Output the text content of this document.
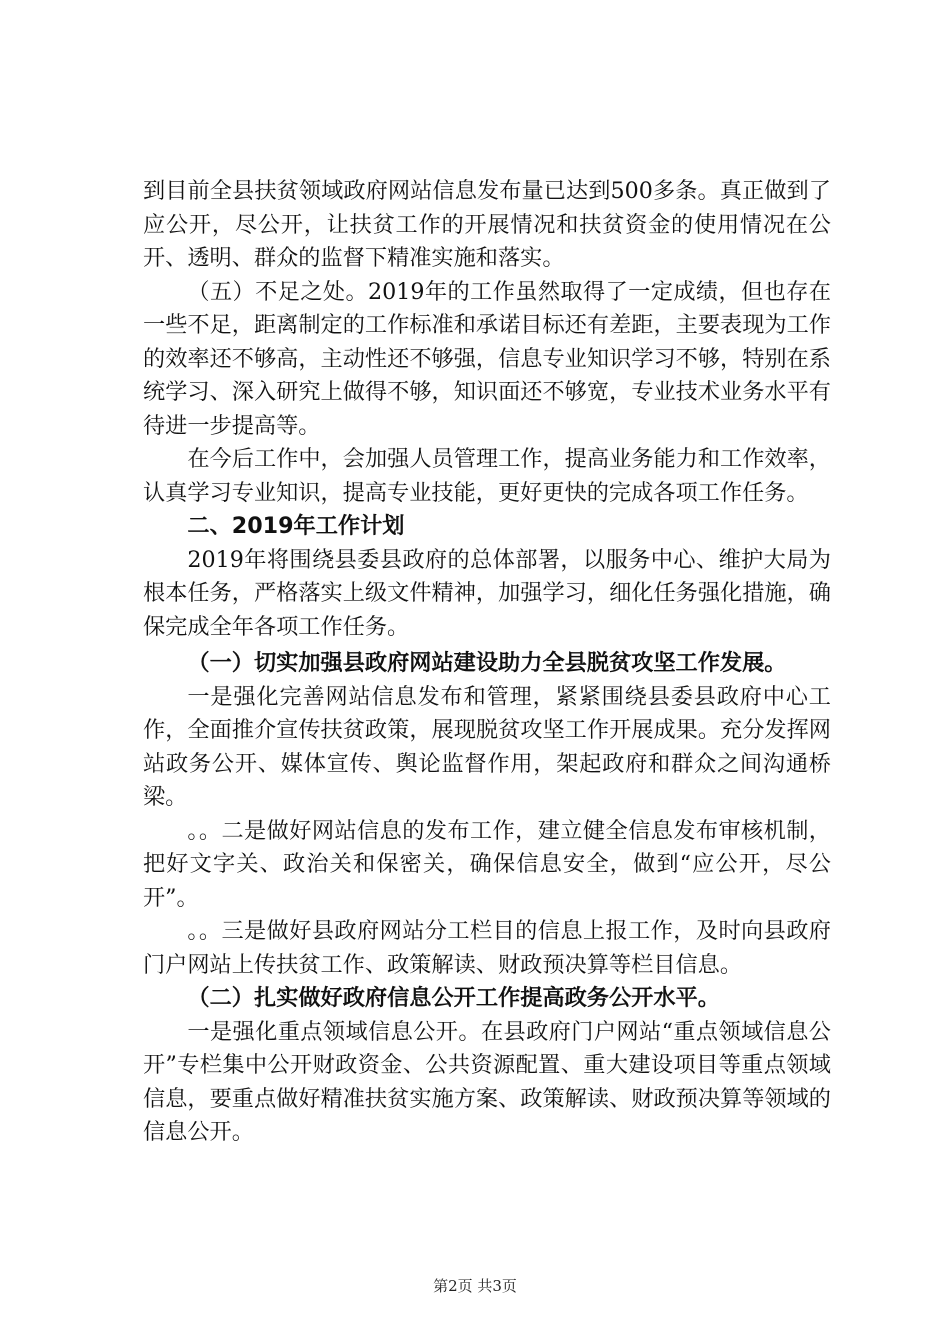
到目前全县扶贫领域政府网站信息发布量已达到500多条。真正做到了应公开，尽公开，让扶贫工作的开展情况和扶贫资金的使用情况在公开、透明、群众的监督下精准实施和落实。

（五）不足之处。2019年的工作虽然取得了一定成绩，但也存在一些不足，距离制定的工作标准和承诺目标还有差距，主要表现为工作的效率还不够高，主动性还不够强，信息专业知识学习不够，特别在系统学习、深入研究上做得不够，知识面还不够宽，专业技术业务水平有待进一步提高等。

在今后工作中，会加强人员管理工作，提高业务能力和工作效率，认真学习专业知识，提高专业技能，更好更快的完成各项工作任务。

二、2019年工作计划

2019年将围绕县委县政府的总体部署，以服务中心、维护大局为根本任务，严格落实上级文件精神，加强学习，细化任务强化措施，确保完成全年各项工作任务。

（一）切实加强县政府网站建设助力全县脱贫攻坚工作发展。

一是强化完善网站信息发布和管理，紧紧围绕县委县政府中心工作，全面推介宣传扶贫政策，展现脱贫攻坚工作开展成果。充分发挥网站政务公开、媒体宣传、舆论监督作用，架起政府和群众之间沟通桥梁。

。。二是做好网站信息的发布工作，建立健全信息发布审核机制，把好文字关、政治关和保密关，确保信息安全，做到“应公开，尽公开”。

。。三是做好县政府网站分工栏目的信息上报工作，及时向县政府门户网站上传扶贫工作、政策解读、财政预决算等栏目信息。

（二）扎实做好政府信息公开工作提高政务公开水平。

一是强化重点领域信息公开。在县政府门户网站“重点领域信息公开”专栏集中公开财政资金、公共资源配置、重大建设项目等重点领域信息，要重点做好精准扶贫实施方案、政策解读、财政预决算等领域的信息公开。

第2页 共3页
